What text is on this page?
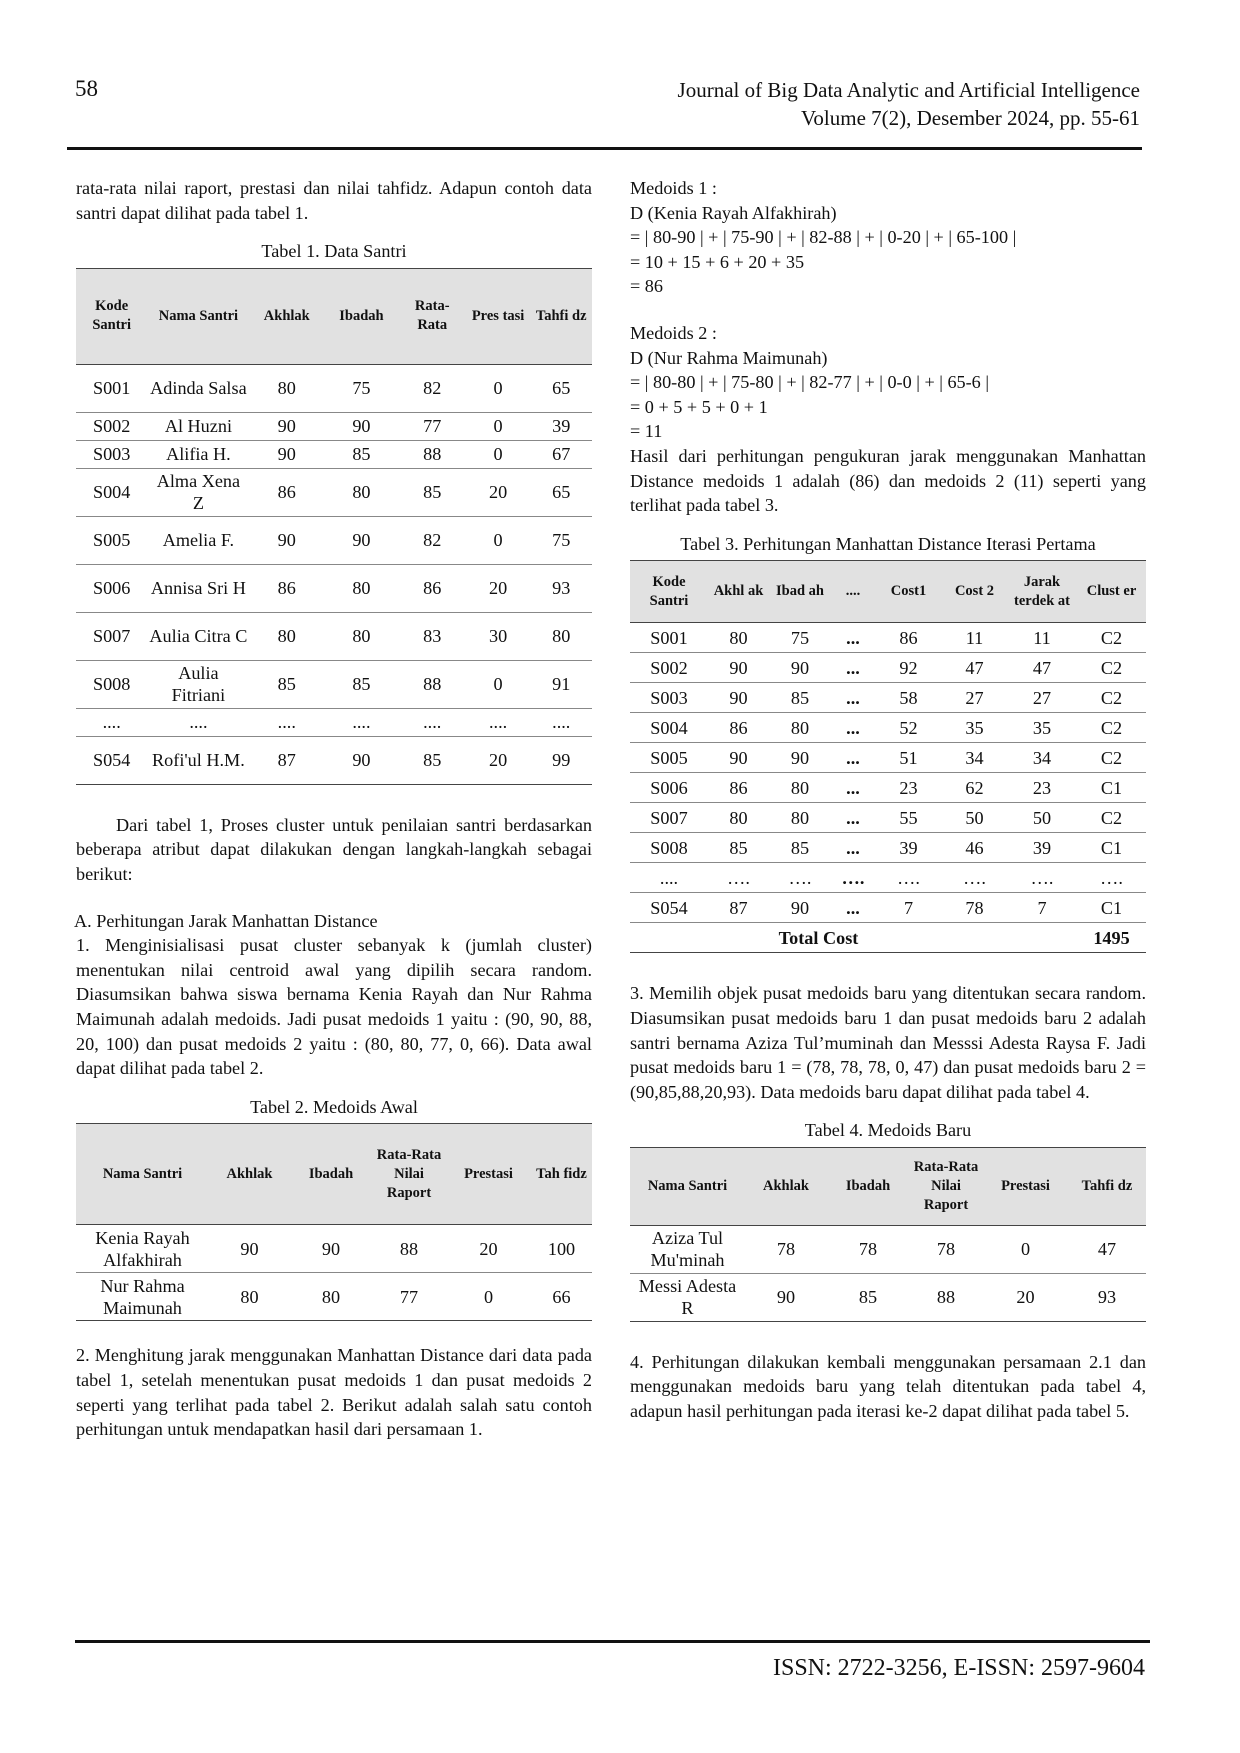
58	Journal of Big Data Analytic and Artificial Intelligence
Volume 7(2), Desember 2024, pp. 55-61

rata-rata nilai raport, prestasi dan nilai tahfidz. Adapun contoh data santri dapat dilihat pada tabel 1.

Tabel 1. Data Santri
Kode Santri	Nama Santri	Akhlak	Ibadah	Rata-Rata	Pres tasi	Tahfi dz
S001	Adinda Salsa	80	75	82	0	65
S002	Al Huzni	90	90	77	0	39
S003	Alifia H.	90	85	88	0	67
S004	Alma Xena Z	86	80	85	20	65
S005	Amelia F.	90	90	82	0	75
S006	Annisa Sri H	86	80	86	20	93
S007	Aulia Citra C	80	80	83	30	80
S008	Aulia Fitriani	85	85	88	0	91
....	....	....	....	....	....	....
S054	Rofi'ul H.M.	87	90	85	20	99

Dari tabel 1, Proses cluster untuk penilaian santri berdasarkan beberapa atribut dapat dilakukan dengan langkah-langkah sebagai berikut:

A. Perhitungan Jarak Manhattan Distance

1. Menginisialisasi pusat cluster sebanyak k (jumlah cluster) menentukan nilai centroid awal yang dipilih secara random. Diasumsikan bahwa siswa bernama Kenia Rayah dan Nur Rahma Maimunah adalah medoids. Jadi pusat medoids 1 yaitu : (90, 90, 88, 20, 100) dan pusat medoids 2 yaitu : (80, 80, 77, 0, 66). Data awal dapat dilihat pada tabel 2.

Tabel 2. Medoids Awal
Nama Santri	Akhlak	Ibadah	Rata-Rata Nilai Raport	Prestasi	Tah fidz
Kenia Rayah Alfakhirah	90	90	88	20	100
Nur Rahma Maimunah	80	80	77	0	66

2. Menghitung jarak menggunakan Manhattan Distance dari data pada tabel 1, setelah menentukan pusat medoids 1 dan pusat medoids 2 seperti yang terlihat pada tabel 2. Berikut adalah salah satu contoh perhitungan untuk mendapatkan hasil dari persamaan 1.

Medoids 1 :
D (Kenia Rayah Alfakhirah)
= | 80-90 | + | 75-90 | + | 82-88 | + | 0-20 | + | 65-100 |
= 10 + 15 + 6 + 20 + 35
= 86
Medoids 2 :
D (Nur Rahma Maimunah)
= | 80-80 | + | 75-80 | + | 82-77 | + | 0-0 | + | 65-6 |
= 0 + 5 + 5 + 0 + 1
= 11

Hasil dari perhitungan pengukuran jarak menggunakan Manhattan Distance medoids 1 adalah (86) dan medoids 2 (11) seperti yang terlihat pada tabel 3.

Tabel 3. Perhitungan Manhattan Distance Iterasi Pertama
Kode Santri	Akhl ak	Ibad ah	....	Cost1	Cost 2	Jarak terdek at	Clust er
S001	80	75	...	86	11	11	C2
S002	90	90	...	92	47	47	C2
S003	90	85	...	58	27	27	C2
S004	86	80	...	52	35	35	C2
S005	90	90	...	51	34	34	C2
S006	86	80	...	23	62	23	C1
S007	80	80	...	55	50	50	C2
S008	85	85	...	39	46	39	C1
....	….	….	….	….	….	….	….
S054	87	90	...	7	78	7	C1
Total Cost							1495

3. Memilih objek pusat medoids baru yang ditentukan secara random. Diasumsikan pusat medoids baru 1 dan pusat medoids baru 2 adalah santri bernama Aziza Tul’muminah dan Messsi Adesta Raysa F. Jadi pusat medoids baru 1 = (78, 78, 78, 0, 47) dan pusat medoids baru 2 = (90,85,88,20,93). Data medoids baru dapat dilihat pada tabel 4.

Tabel 4. Medoids Baru
Nama Santri	Akhlak	Ibadah	Rata-Rata Nilai Raport	Prestasi	Tahfi dz
Aziza Tul Mu'minah	78	78	78	0	47
Messi Adesta R	90	85	88	20	93

4. Perhitungan dilakukan kembali menggunakan persamaan 2.1 dan menggunakan medoids baru yang telah ditentukan pada tabel 4, adapun hasil perhitungan pada iterasi ke-2 dapat dilihat pada tabel 5.

ISSN: 2722-3256, E-ISSN: 2597-9604
